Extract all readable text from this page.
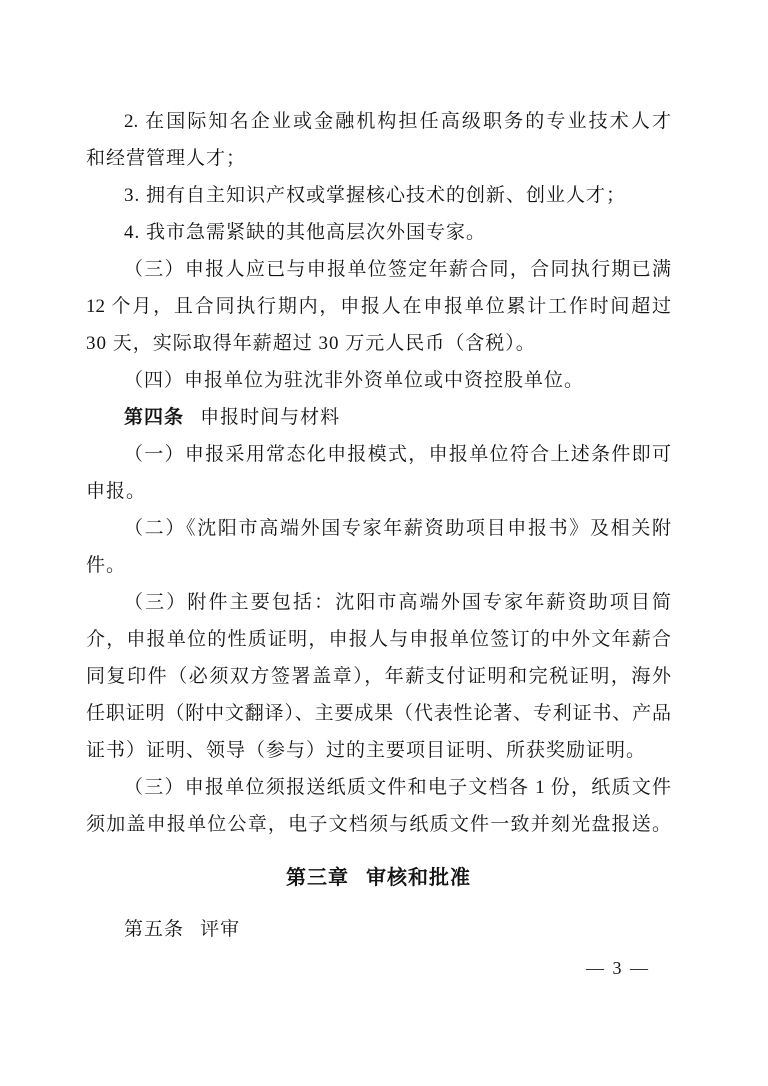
2. 在国际知名企业或金融机构担任高级职务的专业技术人才
和经营管理人才；
3. 拥有自主知识产权或掌握核心技术的创新、创业人才；
4. 我市急需紧缺的其他高层次外国专家。
（三）申报人应已与申报单位签定年薪合同，合同执行期已满
12 个月，且合同执行期内，申报人在申报单位累计工作时间超过
30 天，实际取得年薪超过 30 万元人民币（含税）。
（四）申报单位为驻沈非外资单位或中资控股单位。
第四条 申报时间与材料
（一）申报采用常态化申报模式，申报单位符合上述条件即可
申报。
（二）《沈阳市高端外国专家年薪资助项目申报书》及相关附
件。
（三）附件主要包括：沈阳市高端外国专家年薪资助项目简
介，申报单位的性质证明，申报人与申报单位签订的中外文年薪合
同复印件（必须双方签署盖章），年薪支付证明和完税证明，海外
任职证明（附中文翻译）、主要成果（代表性论著、专利证书、产品
证书）证明、领导（参与）过的主要项目证明、所获奖励证明。
（三）申报单位须报送纸质文件和电子文档各 1 份，纸质文件
须加盖申报单位公章，电子文档须与纸质文件一致并刻光盘报送。
第三章 审核和批准
第五条 评审
— 3 —
